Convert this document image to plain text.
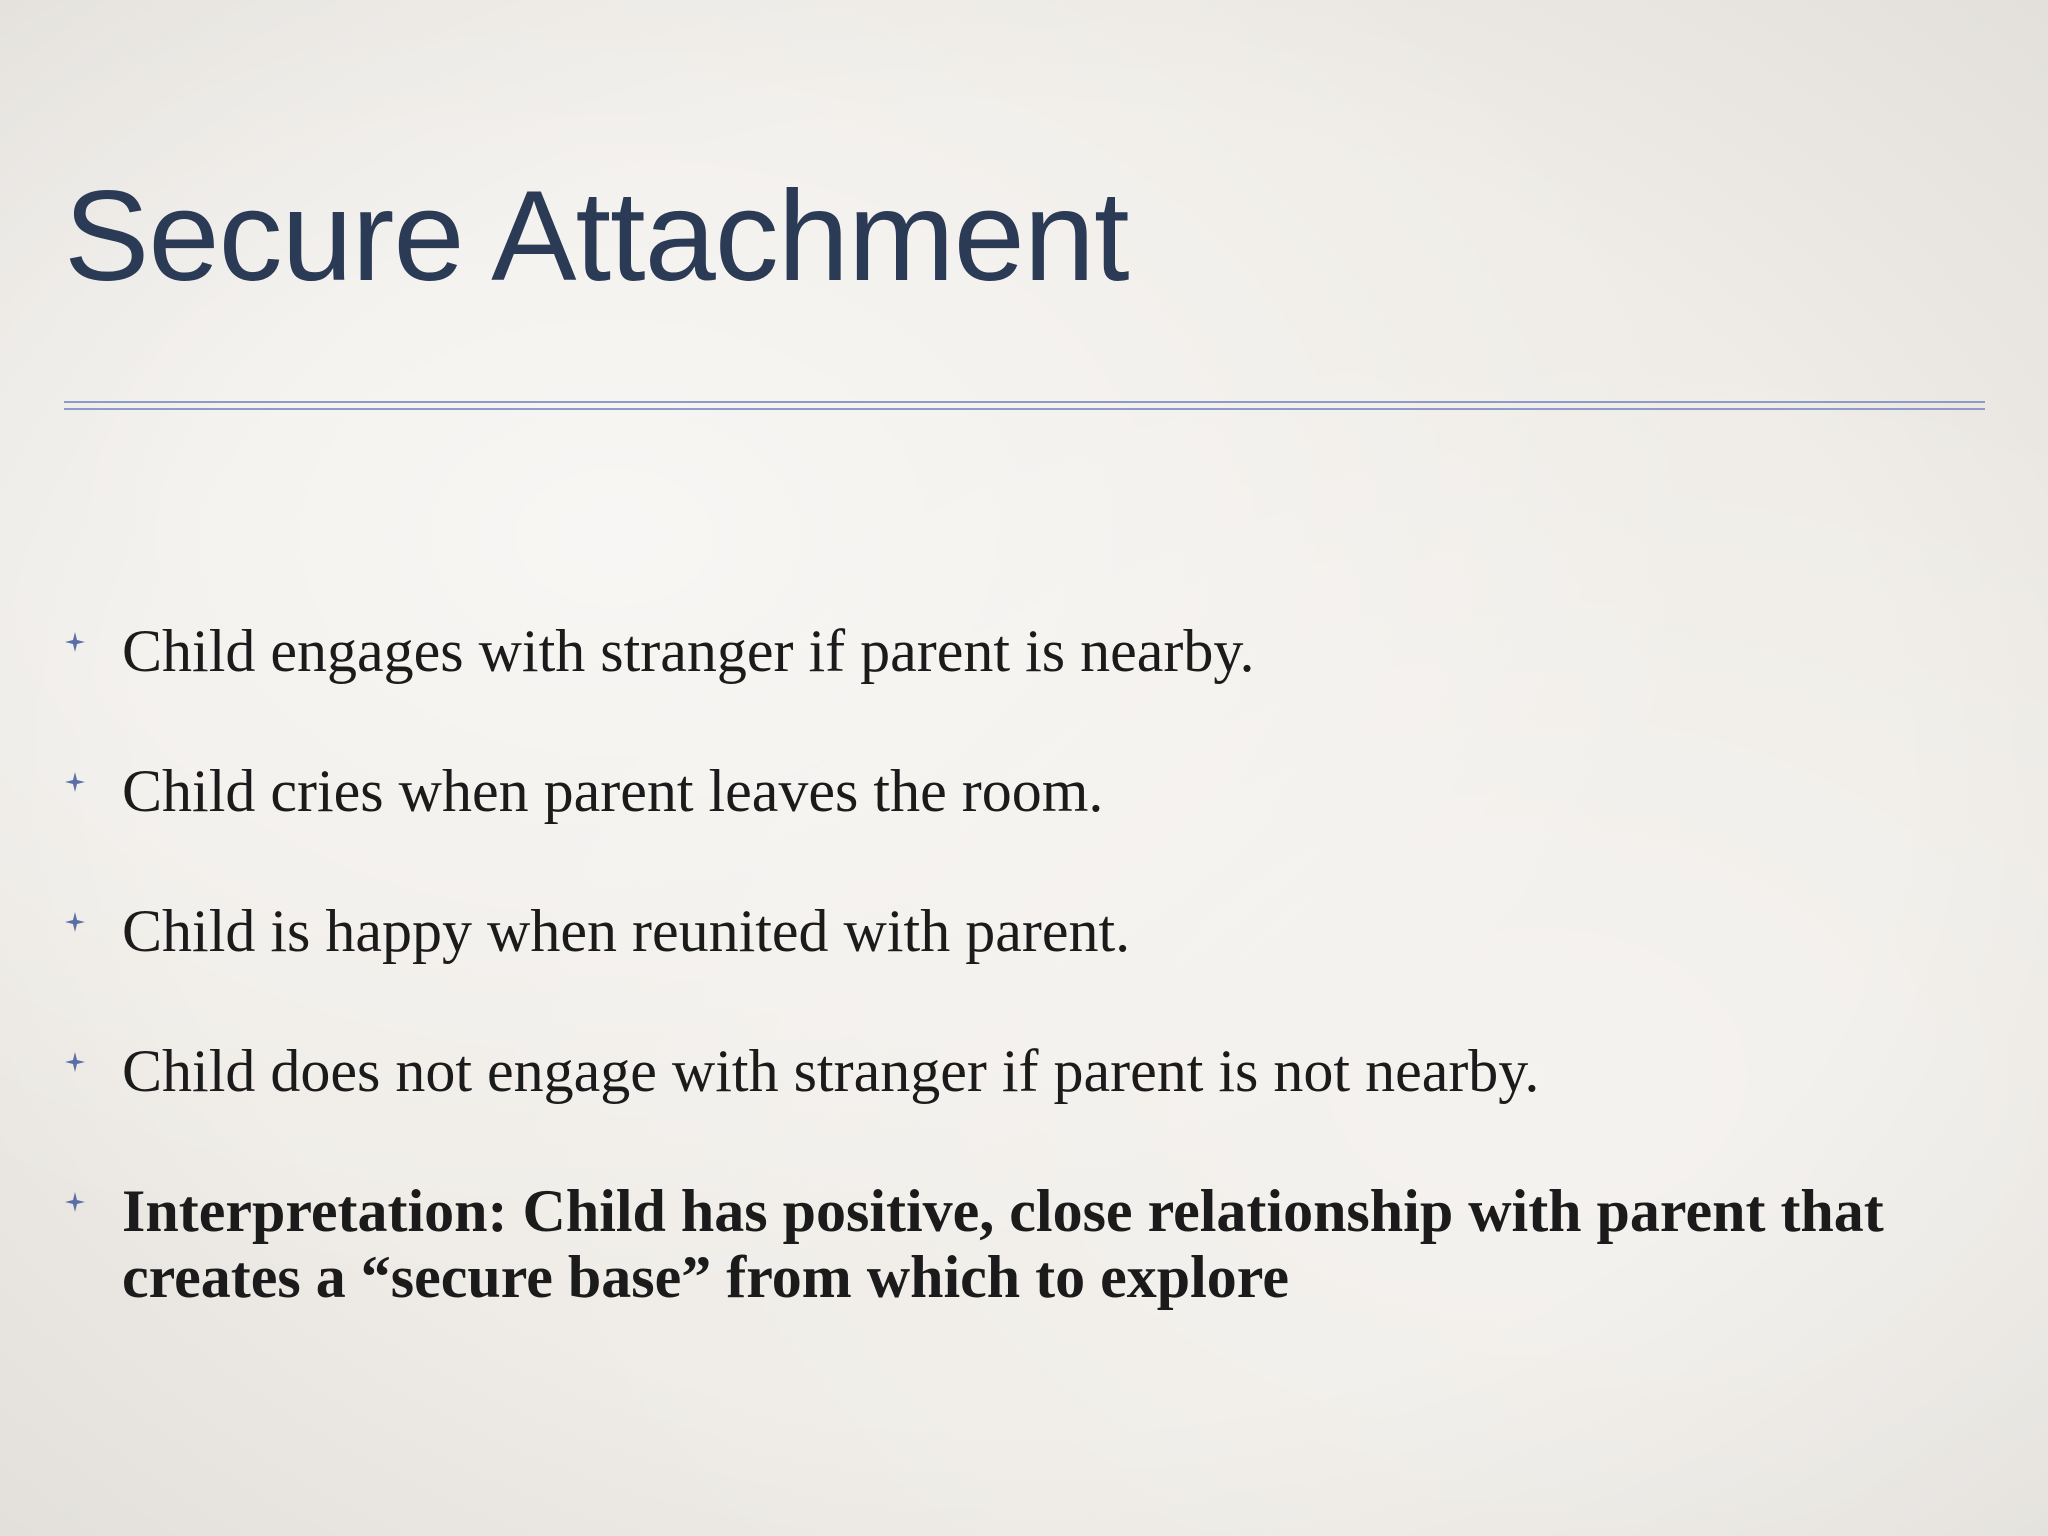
Secure Attachment
Child engages with stranger if parent is nearby.
Child cries when parent leaves the room.
Child is happy when reunited with parent.
Child does not engage with stranger if parent is not nearby.
Interpretation: Child has positive, close relationship with parent that creates a “secure base” from which to explore
